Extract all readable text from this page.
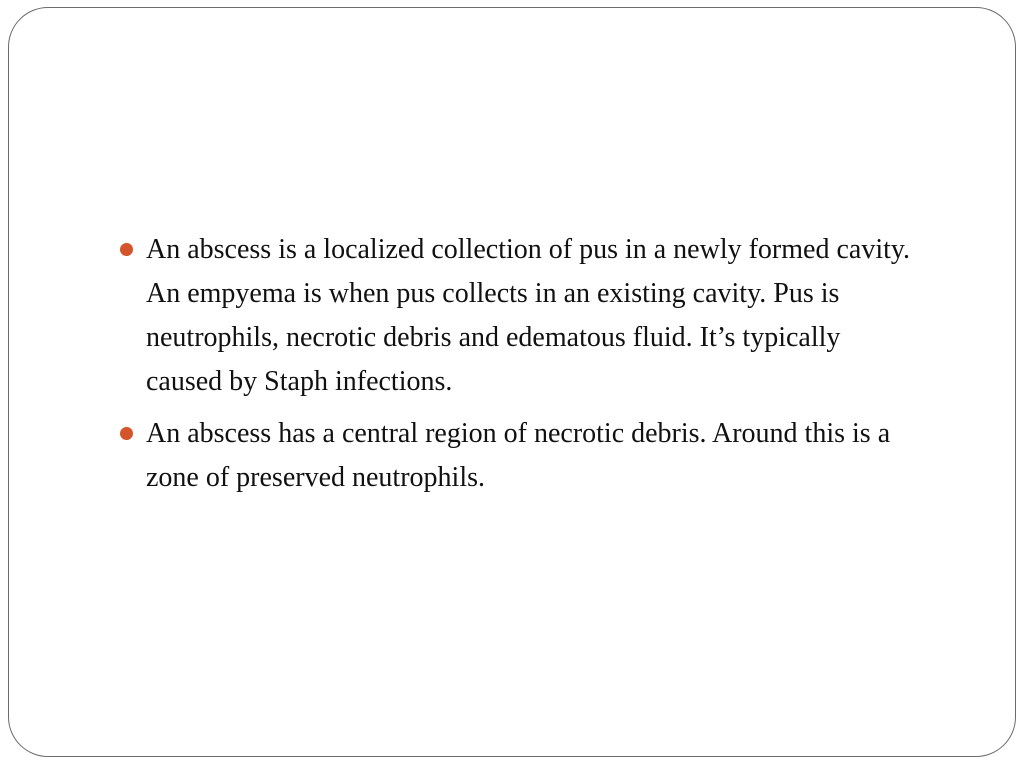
An abscess is a localized collection of pus in a newly formed cavity. An empyema is when pus collects in an existing cavity. Pus is neutrophils, necrotic debris and edematous fluid. It’s typically caused by Staph infections.
An abscess has a central region of necrotic debris. Around this is a zone of preserved neutrophils.
